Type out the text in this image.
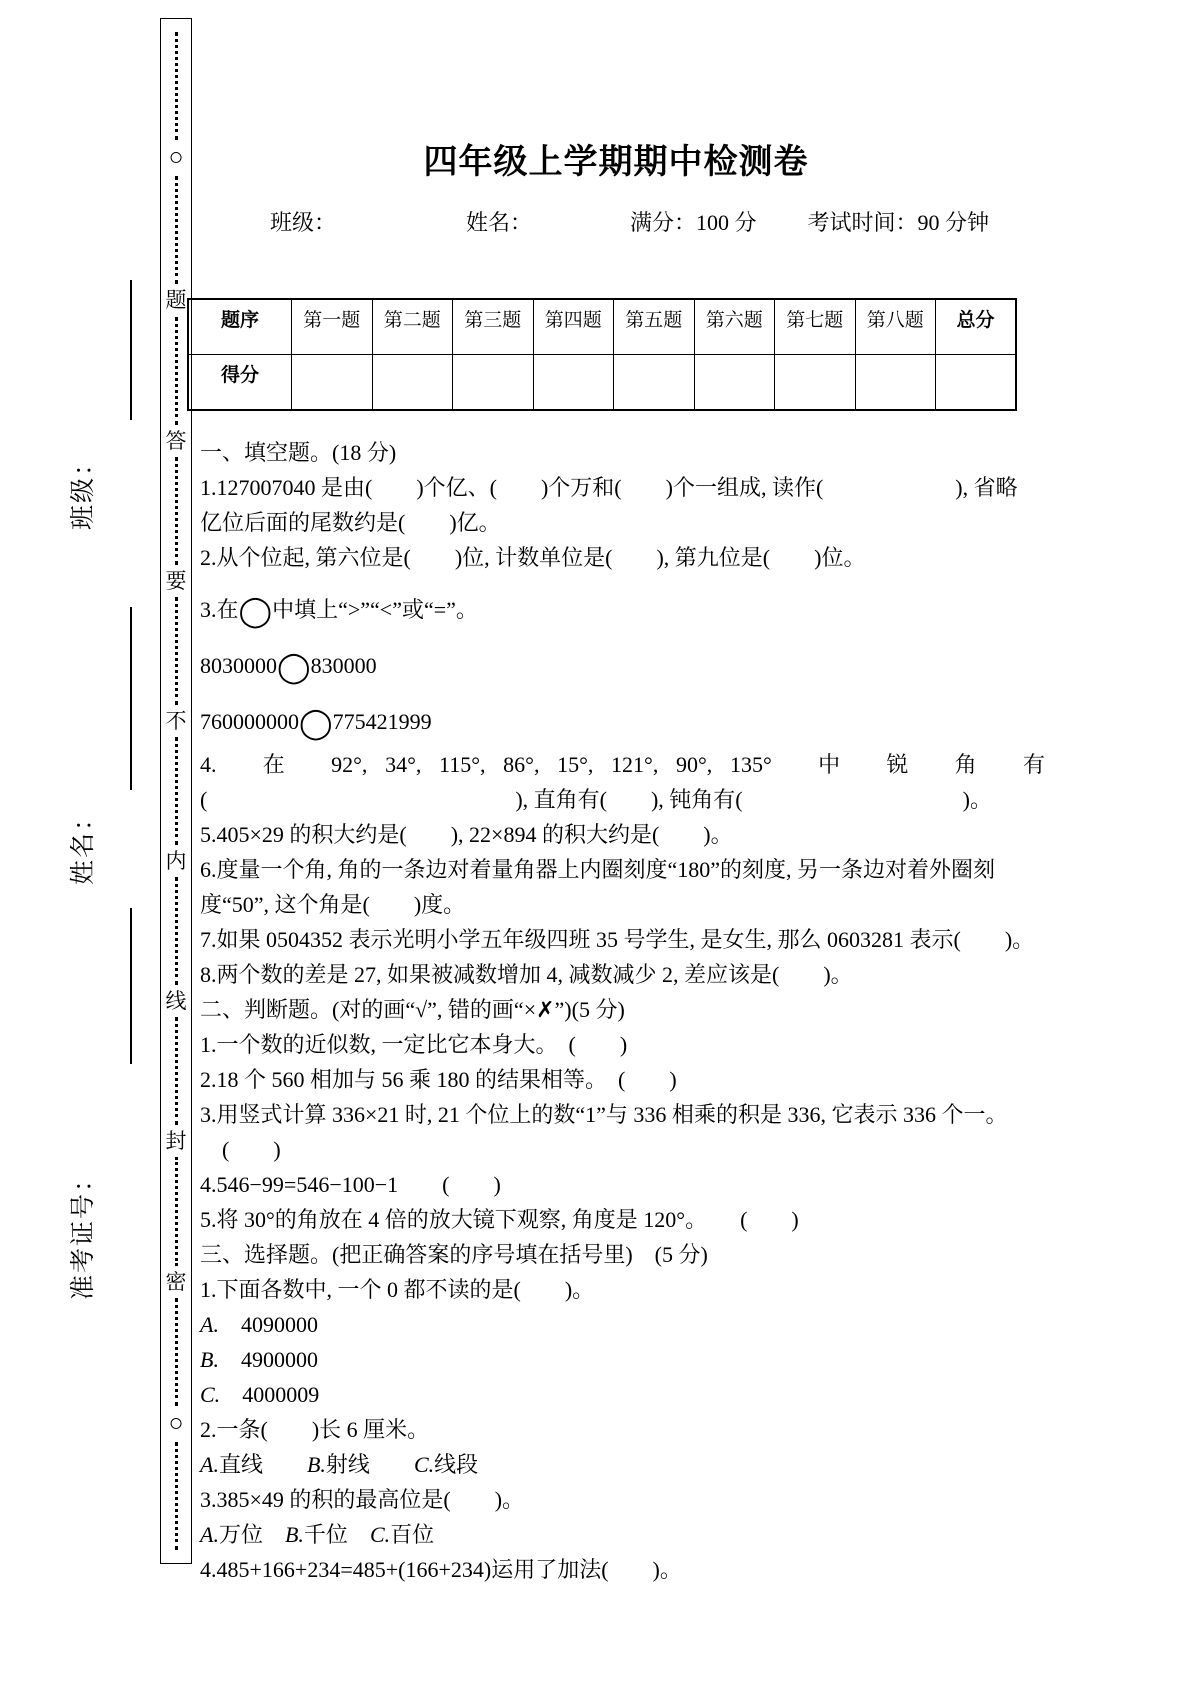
班级：
姓名：
准考证号：
○
题
答
要
不
内
线
封
密
○
四年级上学期期中检测卷
班级：	姓名：	满分：100 分 考试时间：90 分钟
题序	第一题	第二题	第三题	第四题	第五题	第六题	第七题	第八题	总分
得分									
一、填空题。(18 分)
1.127007040 是由(　　)个亿、(　　)个万和(　　)个一组成, 读作(　　　　　　), 省略
亿位后面的尾数约是(　　)亿。
2.从个位起, 第六位是(　　)位, 计数单位是(　　), 第九位是(　　)位。
3.在◯中填上“>”“<”或“=”。
8030000◯830000
760000000◯775421999
4.　在　92°, 34°, 115°, 86°, 15°, 121°, 90°, 135°　中　锐　角　有
(　　　　　　　　　　　　　　), 直角有(　　), 钝角有(　　　　　　　　　　)。
5.405×29 的积大约是(　　), 22×894 的积大约是(　　)。
6.度量一个角, 角的一条边对着量角器上内圈刻度“180”的刻度, 另一条边对着外圈刻
度“50”, 这个角是(　　)度。
7.如果 0504352 表示光明小学五年级四班 35 号学生, 是女生, 那么 0603281 表示(　　)。
8.两个数的差是 27, 如果被减数增加 4, 减数减少 2, 差应该是(　　)。
二、判断题。(对的画“√”, 错的画“×✗”)(5 分)
1.一个数的近似数, 一定比它本身大。　(　　)
2.18 个 560 相加与 56 乘 180 的结果相等。　(　　)
3.用竖式计算 336×21 时, 21 个位上的数“1”与 336 相乘的积是 336, 它表示 336 个一。
　(　　)
4.546−99=546−100−1　　(　　)
5.将 30°的角放在 4 倍的放大镜下观察, 角度是 120°。　　(　　)
三、选择题。(把正确答案的序号填在括号里)　(5 分)
1.下面各数中, 一个 0 都不读的是(　　)。
A.　4090000
B.　4900000
C.　4000009
2.一条(　　)长 6 厘米。
A.直线　　B.射线　　C.线段
3.385×49 的积的最高位是(　　)。
A.万位　B.千位　C.百位
4.485+166+234=485+(166+234)运用了加法(　　)。
